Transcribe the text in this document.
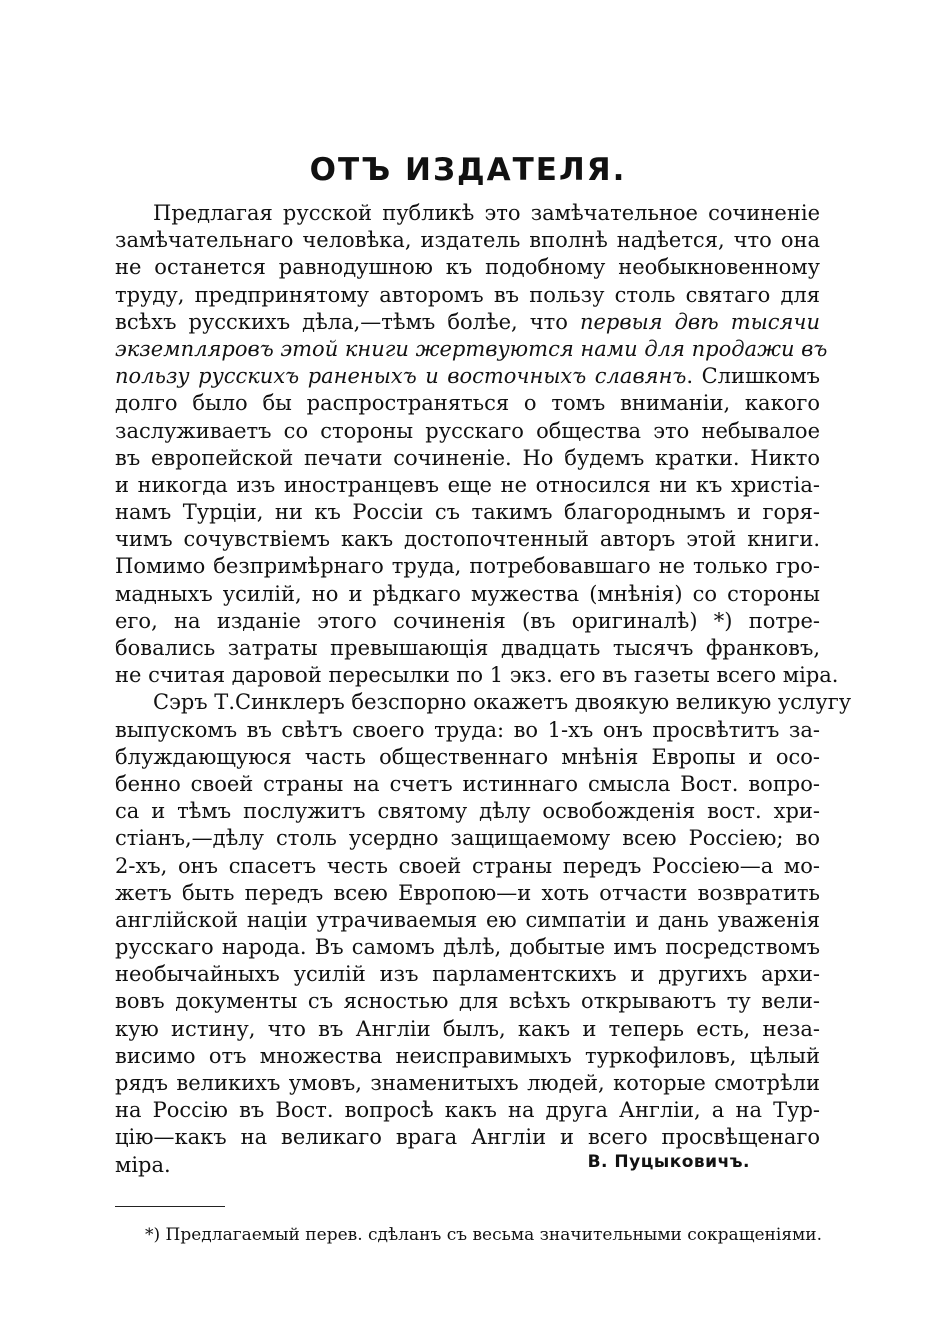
ОТЪ ИЗДАТЕЛЯ.
Предлагая русской публикѣ это замѣчательное сочиненіе
замѣчательнаго человѣка, издатель вполнѣ надѣется, что она
не останется равнодушною къ подобному необыкновенному
труду, предпринятому авторомъ въ пользу столь святаго для
всѣхъ русскихъ дѣла,—тѣмъ болѣе, что первыя двѣ тысячи
экземпляровъ этой книги жертвуются нами для продажи въ
пользу русскихъ раненыхъ и восточныхъ славянъ. Слишкомъ
долго было бы распространяться о томъ вниманіи, какого
заслуживаетъ со стороны русскаго общества это небывалое
въ европейской печати сочиненіе. Но будемъ кратки. Никто
и никогда изъ иностранцевъ еще не относился ни къ христіа-
намъ Турціи, ни къ Россіи съ такимъ благороднымъ и горя-
чимъ сочувствіемъ какъ достопочтенный авторъ этой книги.
Помимо безпримѣрнаго труда, потребовавшаго не только гро-
мадныхъ усилій, но и рѣдкаго мужества (мнѣнія) со стороны
его, на изданіе этого сочиненія (въ оригиналѣ) *) потре-
бовались затраты превышающія двадцать тысячъ франковъ,
не считая даровой пересылки по 1 экз. его въ газеты всего міра.
Сэръ Т.Синклеръ безспорно окажетъ двоякую великую услугу
выпускомъ въ свѣтъ своего труда: во 1-хъ онъ просвѣтитъ за-
блуждающуюся часть общественнаго мнѣнія Европы и осо-
бенно своей страны на счетъ истиннаго смысла Вост. вопро-
са и тѣмъ послужитъ святому дѣлу освобожденія вост. хри-
стіанъ,—дѣлу столь усердно защищаемому всею Россіею; во
2-хъ, онъ спасетъ честь своей страны передъ Россіею—а мо-
жетъ быть передъ всею Европою—и хоть отчасти возвратить
англійской націи утрачиваемыя ею симпатіи и дань уваженія
русскаго народа. Въ самомъ дѣлѣ, добытые имъ посредствомъ
необычайныхъ усилій изъ парламентскихъ и другихъ архи-
вовъ документы съ ясностью для всѣхъ открываютъ ту вели-
кую истину, что въ Англіи былъ, какъ и теперь есть, неза-
висимо отъ множества неисправимыхъ туркофиловъ, цѣлый
рядъ великихъ умовъ, знаменитыхъ людей, которые смотрѣли
на Россію въ Вост. вопросѣ какъ на друга Англіи, а на Тур-
цію—какъ на великаго врага Англіи и всего просвѣщенаго
міра.	В. Пуцыковичъ.
*) Предлагаемый перев. сдѣланъ съ весьма значительными сокращеніями.
